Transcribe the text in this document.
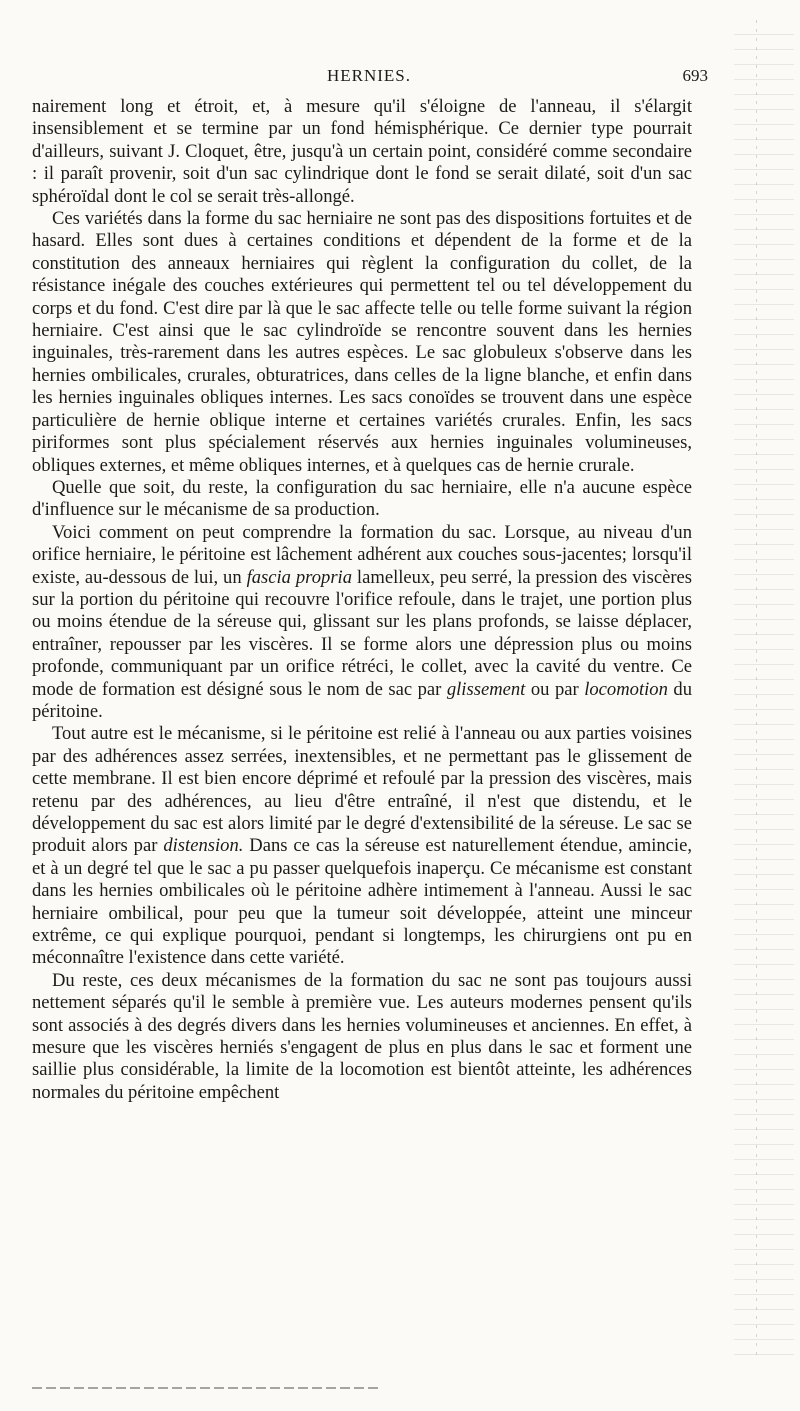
HERNIES.	693

nairement long et étroit, et, à mesure qu'il s'éloigne de l'anneau, il s'élargit insensiblement et se termine par un fond hémisphérique. Ce dernier type pourrait d'ailleurs, suivant J. Cloquet, être, jusqu'à un certain point, considéré comme secondaire : il paraît provenir, soit d'un sac cylindrique dont le fond se serait dilaté, soit d'un sac sphéroïdal dont le col se serait très-allongé.

Ces variétés dans la forme du sac herniaire ne sont pas des dispositions fortuites et de hasard. Elles sont dues à certaines conditions et dépendent de la forme et de la constitution des anneaux herniaires qui règlent la configuration du collet, de la résistance inégale des couches extérieures qui permettent tel ou tel développement du corps et du fond. C'est dire par là que le sac affecte telle ou telle forme suivant la région herniaire. C'est ainsi que le sac cylindroïde se rencontre souvent dans les hernies inguinales, très-rarement dans les autres espèces. Le sac globuleux s'observe dans les hernies ombilicales, crurales, obturatrices, dans celles de la ligne blanche, et enfin dans les hernies inguinales obliques internes. Les sacs conoïdes se trouvent dans une espèce particulière de hernie oblique interne et certaines variétés crurales. Enfin, les sacs piriformes sont plus spécialement réservés aux hernies inguinales volumineuses, obliques externes, et même obliques internes, et à quelques cas de hernie crurale.

Quelle que soit, du reste, la configuration du sac herniaire, elle n'a aucune espèce d'influence sur le mécanisme de sa production.

Voici comment on peut comprendre la formation du sac. Lorsque, au niveau d'un orifice herniaire, le péritoine est lâchement adhérent aux couches sous-jacentes; lorsqu'il existe, au-dessous de lui, un fascia propria lamelleux, peu serré, la pression des viscères sur la portion du péritoine qui recouvre l'orifice refoule, dans le trajet, une portion plus ou moins étendue de la séreuse qui, glissant sur les plans profonds, se laisse déplacer, entraîner, repousser par les viscères. Il se forme alors une dépression plus ou moins profonde, communiquant par un orifice rétréci, le collet, avec la cavité du ventre. Ce mode de formation est désigné sous le nom de sac par glissement ou par locomotion du péritoine.

Tout autre est le mécanisme, si le péritoine est relié à l'anneau ou aux parties voisines par des adhérences assez serrées, inextensibles, et ne permettant pas le glissement de cette membrane. Il est bien encore déprimé et refoulé par la pression des viscères, mais retenu par des adhérences, au lieu d'être entraîné, il n'est que distendu, et le développement du sac est alors limité par le degré d'extensibilité de la séreuse. Le sac se produit alors par distension. Dans ce cas la séreuse est naturellement étendue, amincie, et à un degré tel que le sac a pu passer quelquefois inaperçu. Ce mécanisme est constant dans les hernies ombilicales où le péritoine adhère intimement à l'anneau. Aussi le sac herniaire ombilical, pour peu que la tumeur soit développée, atteint une minceur extrême, ce qui explique pourquoi, pendant si longtemps, les chirurgiens ont pu en méconnaître l'existence dans cette variété.

Du reste, ces deux mécanismes de la formation du sac ne sont pas toujours aussi nettement séparés qu'il le semble à première vue. Les auteurs modernes pensent qu'ils sont associés à des degrés divers dans les hernies volumineuses et anciennes. En effet, à mesure que les viscères herniés s'engagent de plus en plus dans le sac et forment une saillie plus considérable, la limite de la locomotion est bientôt atteinte, les adhérences normales du péritoine empêchent
